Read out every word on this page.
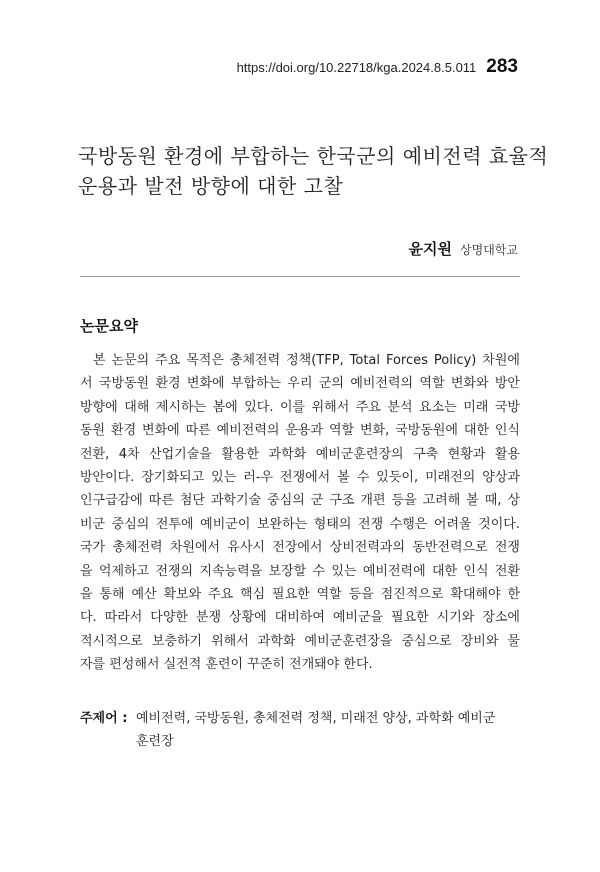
https://doi.org/10.22718/kga.2024.8.5.011 283
국방동원 환경에 부합하는 한국군의 예비전력 효율적
운용과 발전 방향에 대한 고찰
윤지원 상명대학교
논문요약
본 논문의 주요 목적은 총체전력 정책(TFP, Total Forces Policy) 차원에
서 국방동원 환경 변화에 부합하는 우리 군의 예비전력의 역할 변화와 방안
방향에 대해 제시하는 봄에 있다. 이를 위해서 주요 분석 요소는 미래 국방
동원 환경 변화에 따른 예비전력의 운용과 역할 변화, 국방동원에 대한 인식
전환, 4차 산업기술을 활용한 과학화 예비군훈련장의 구축 현황과 활용
방안이다. 장기화되고 있는 러-우 전쟁에서 볼 수 있듯이, 미래전의 양상과
인구급감에 따른 첨단 과학기술 중심의 군 구조 개편 등을 고려해 볼 때, 상
비군 중심의 전투에 예비군이 보완하는 형태의 전쟁 수행은 어려울 것이다.
국가 총체전력 차원에서 유사시 전장에서 상비전력과의 동반전력으로 전쟁
을 억제하고 전쟁의 지속능력을 보장할 수 있는 예비전력에 대한 인식 전환
을 통해 예산 확보와 주요 핵심 필요한 역할 등을 점진적으로 확대해야 한
다. 따라서 다양한 분쟁 상황에 대비하여 예비군을 필요한 시기와 장소에
적시적으로 보충하기 위해서 과학화 예비군훈련장을 중심으로 장비와 물
자를 편성해서 실전적 훈련이 꾸준히 전개돼야 한다.
주제어 : 예비전력, 국방동원, 총체전력 정책, 미래전 양상, 과학화 예비군
훈련장
